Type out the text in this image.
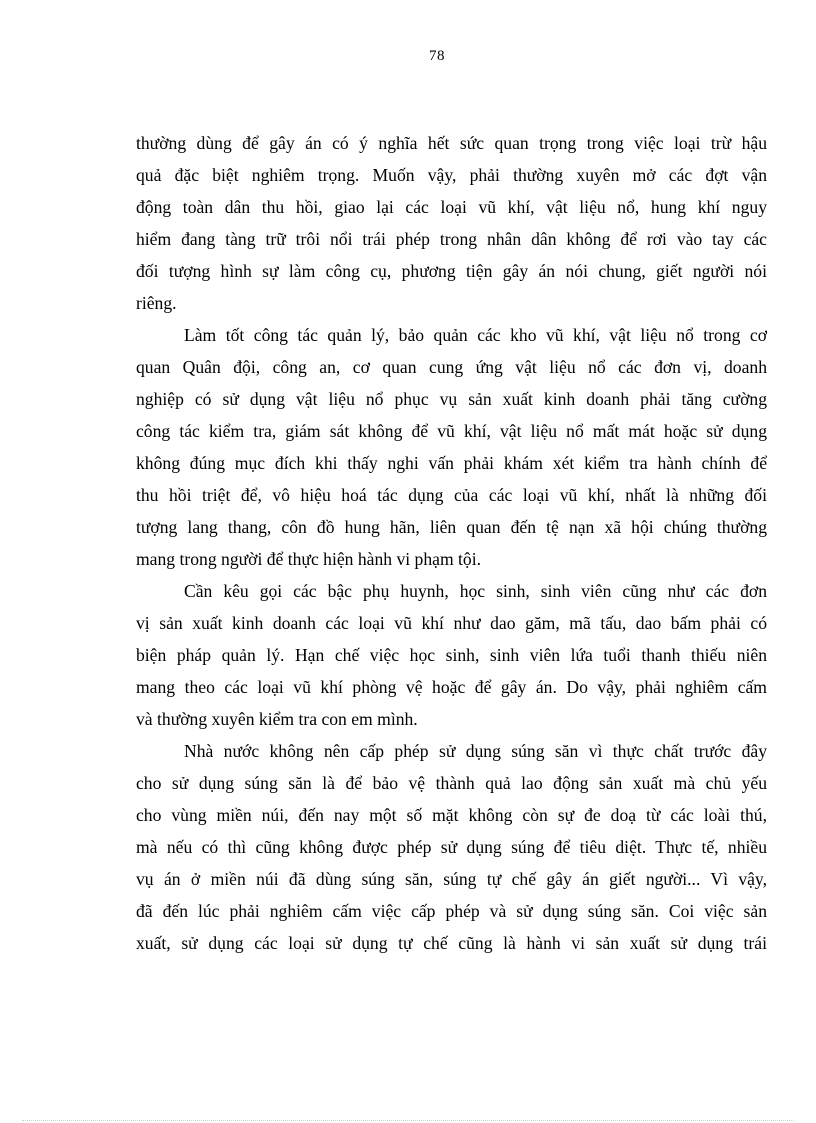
78
thường dùng để gây án có ý nghĩa hết sức quan trọng trong việc loại trừ hậu
quả đặc biệt nghiêm trọng. Muốn vậy, phải thường xuyên mở các đợt vận
động toàn dân thu hồi, giao lại các loại vũ khí, vật liệu nổ, hung khí nguy
hiểm đang tàng trữ trôi nổi trái phép trong nhân dân không để rơi vào tay các
đối tượng hình sự làm công cụ, phương tiện gây án nói chung, giết người nói
riêng.
Làm tốt công tác quản lý, bảo quản các kho vũ khí, vật liệu nổ trong cơ
quan Quân đội, công an, cơ quan cung ứng vật liệu nổ các đơn vị, doanh
nghiệp có sử dụng vật liệu nổ phục vụ sản xuất kinh doanh phải tăng cường
công tác kiểm tra, giám sát không để vũ khí, vật liệu nổ mất mát hoặc sử dụng
không đúng mục đích khi thấy nghi vấn phải khám xét kiểm tra hành chính để
thu hồi triệt để, vô hiệu hoá tác dụng của các loại vũ khí, nhất là những đối
tượng lang thang, côn đồ hung hãn, liên quan đến tệ nạn xã hội chúng thường
mang trong người để thực hiện hành vi phạm tội.
Cần kêu gọi các bậc phụ huynh, học sinh, sinh viên cũng như các đơn
vị sản xuất kinh doanh các loại vũ khí như dao găm, mã tấu, dao bấm phải có
biện pháp quản lý. Hạn chế việc học sinh, sinh viên lứa tuổi thanh thiếu niên
mang theo các loại vũ khí phòng vệ hoặc để gây án. Do vậy, phải nghiêm cấm
và thường xuyên kiểm tra con em mình.
Nhà nước không nên cấp phép sử dụng súng săn vì thực chất trước đây
cho sử dụng súng săn là để bảo vệ thành quả lao động sản xuất mà chủ yếu
cho vùng miền núi, đến nay một số mặt không còn sự đe doạ từ các loài thú,
mà nếu có thì cũng không được phép sử dụng súng để tiêu diệt. Thực tế, nhiều
vụ án ở miền núi đã dùng súng săn, súng tự chế gây án giết người... Vì vậy,
đã đến lúc phải nghiêm cấm việc cấp phép và sử dụng súng săn. Coi việc sản
xuất, sử dụng các loại sử dụng tự chế cũng là hành vi sản xuất sử dụng trái
